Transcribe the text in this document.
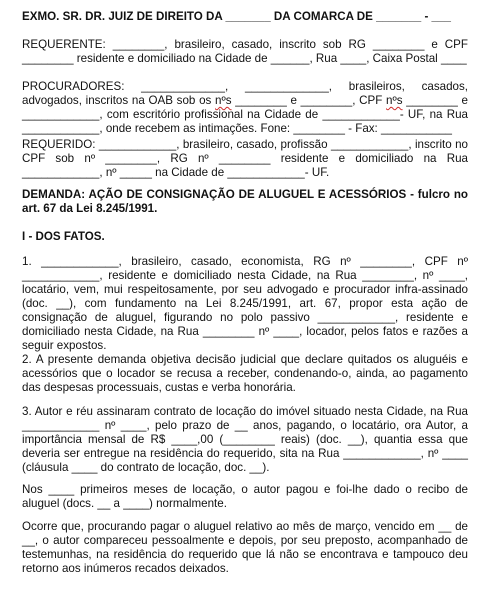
EXMO. SR. DR. JUIZ DE DIREITO DA _______ DA COMARCA DE _______ - ___

REQUERENTE: ________, brasileiro, casado, inscrito sob RG ________ e CPF ________ residente e domiciliado na Cidade de ______, Rua ____, Caixa Postal ____

PROCURADORES: _____________, _____________, brasileiros, casados, advogados, inscritos na OAB sob os nºs ________ e ________, CPF nºs ________ e ____________, com escritório profissional na Cidade de ____________- UF, na Rua ____________, onde recebem as intimações. Fone: ________ - Fax: ___________

REQUERIDO: ____________, brasileiro, casado, profissão ____________, inscrito no CPF sob nº ________, RG nº ________ residente e domiciliado na Rua ____________, nº _____ na Cidade de ____________- UF.

DEMANDA: AÇÃO DE CONSIGNAÇÃO DE ALUGUEL E ACESSÓRIOS - fulcro no art. 67 da Lei 8.245/1991.

I - DOS FATOS.

1. ____________, brasileiro, casado, economista, RG nº ________, CPF nº ____________, residente e domiciliado nesta Cidade, na Rua ________, nº ____, locatário, vem, mui respeitosamente, por seu advogado e procurador infra-assinado (doc. __), com fundamento na Lei 8.245/1991, art. 67, propor esta ação de consignação de aluguel, figurando no polo passivo ____________, residente e domiciliado nesta Cidade, na Rua ________ nº ____, locador, pelos fatos e razões a seguir expostos.

2. A presente demanda objetiva decisão judicial que declare quitados os aluguéis e acessórios que o locador se recusa a receber, condenando-o, ainda, ao pagamento das despesas processuais, custas e verba honorária.

3. Autor e réu assinaram contrato de locação do imóvel situado nesta Cidade, na Rua ____________ nº ____, pelo prazo de __ anos, pagando, o locatário, ora Autor, a importância mensal de R$ ____,00 (________ reais) (doc. __), quantia essa que deveria ser entregue na residência do requerido, sita na Rua ____________, nº ____ (cláusula ____ do contrato de locação, doc. __).

Nos ____ primeiros meses de locação, o autor pagou e foi-lhe dado o recibo de aluguel (docs. __ a ____) normalmente.

Ocorre que, procurando pagar o aluguel relativo ao mês de março, vencido em __ de __, o autor compareceu pessoalmente e depois, por seu preposto, acompanhado de testemunhas, na residência do requerido que lá não se encontrava e tampouco deu retorno aos inúmeros recados deixados.
